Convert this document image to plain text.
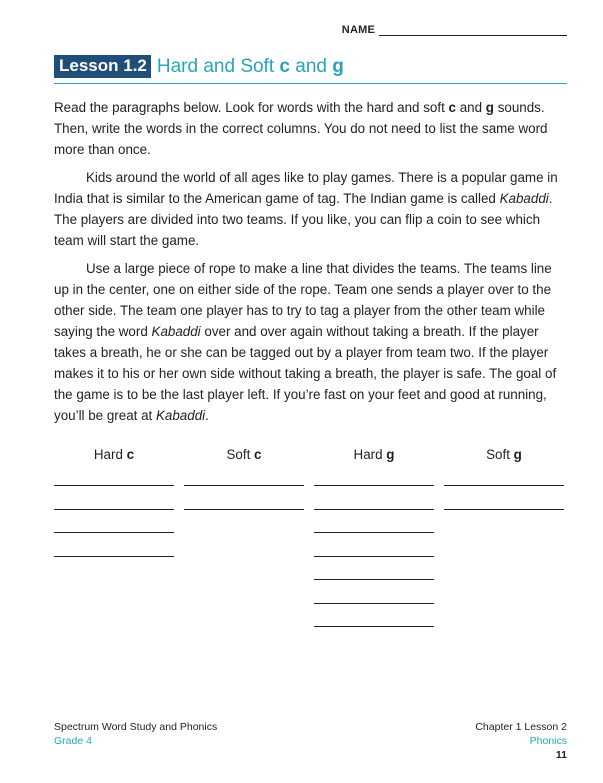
NAME
Lesson 1.2 Hard and Soft c and g

Read the paragraphs below. Look for words with the hard and soft c and g sounds. Then, write the words in the correct columns. You do not need to list the same word more than once.

Kids around the world of all ages like to play games. There is a popular game in India that is similar to the American game of tag. The Indian game is called Kabaddi. The players are divided into two teams. If you like, you can flip a coin to see which team will start the game.

Use a large piece of rope to make a line that divides the teams. The teams line up in the center, one on either side of the rope. Team one sends a player over to the other side. The team one player has to try to tag a player from the other team while saying the word Kabaddi over and over again without taking a breath. If the player takes a breath, he or she can be tagged out by a player from team two. If the player makes it to his or her own side without taking a breath, the player is safe. The goal of the game is to be the last player left. If you’re fast on your feet and good at running, you’ll be great at Kabaddi.

Hard c	Soft c	Hard g	Soft g
Spectrum Word Study and Phonics
Grade 4
Chapter 1 Lesson 2
Phonics
11
